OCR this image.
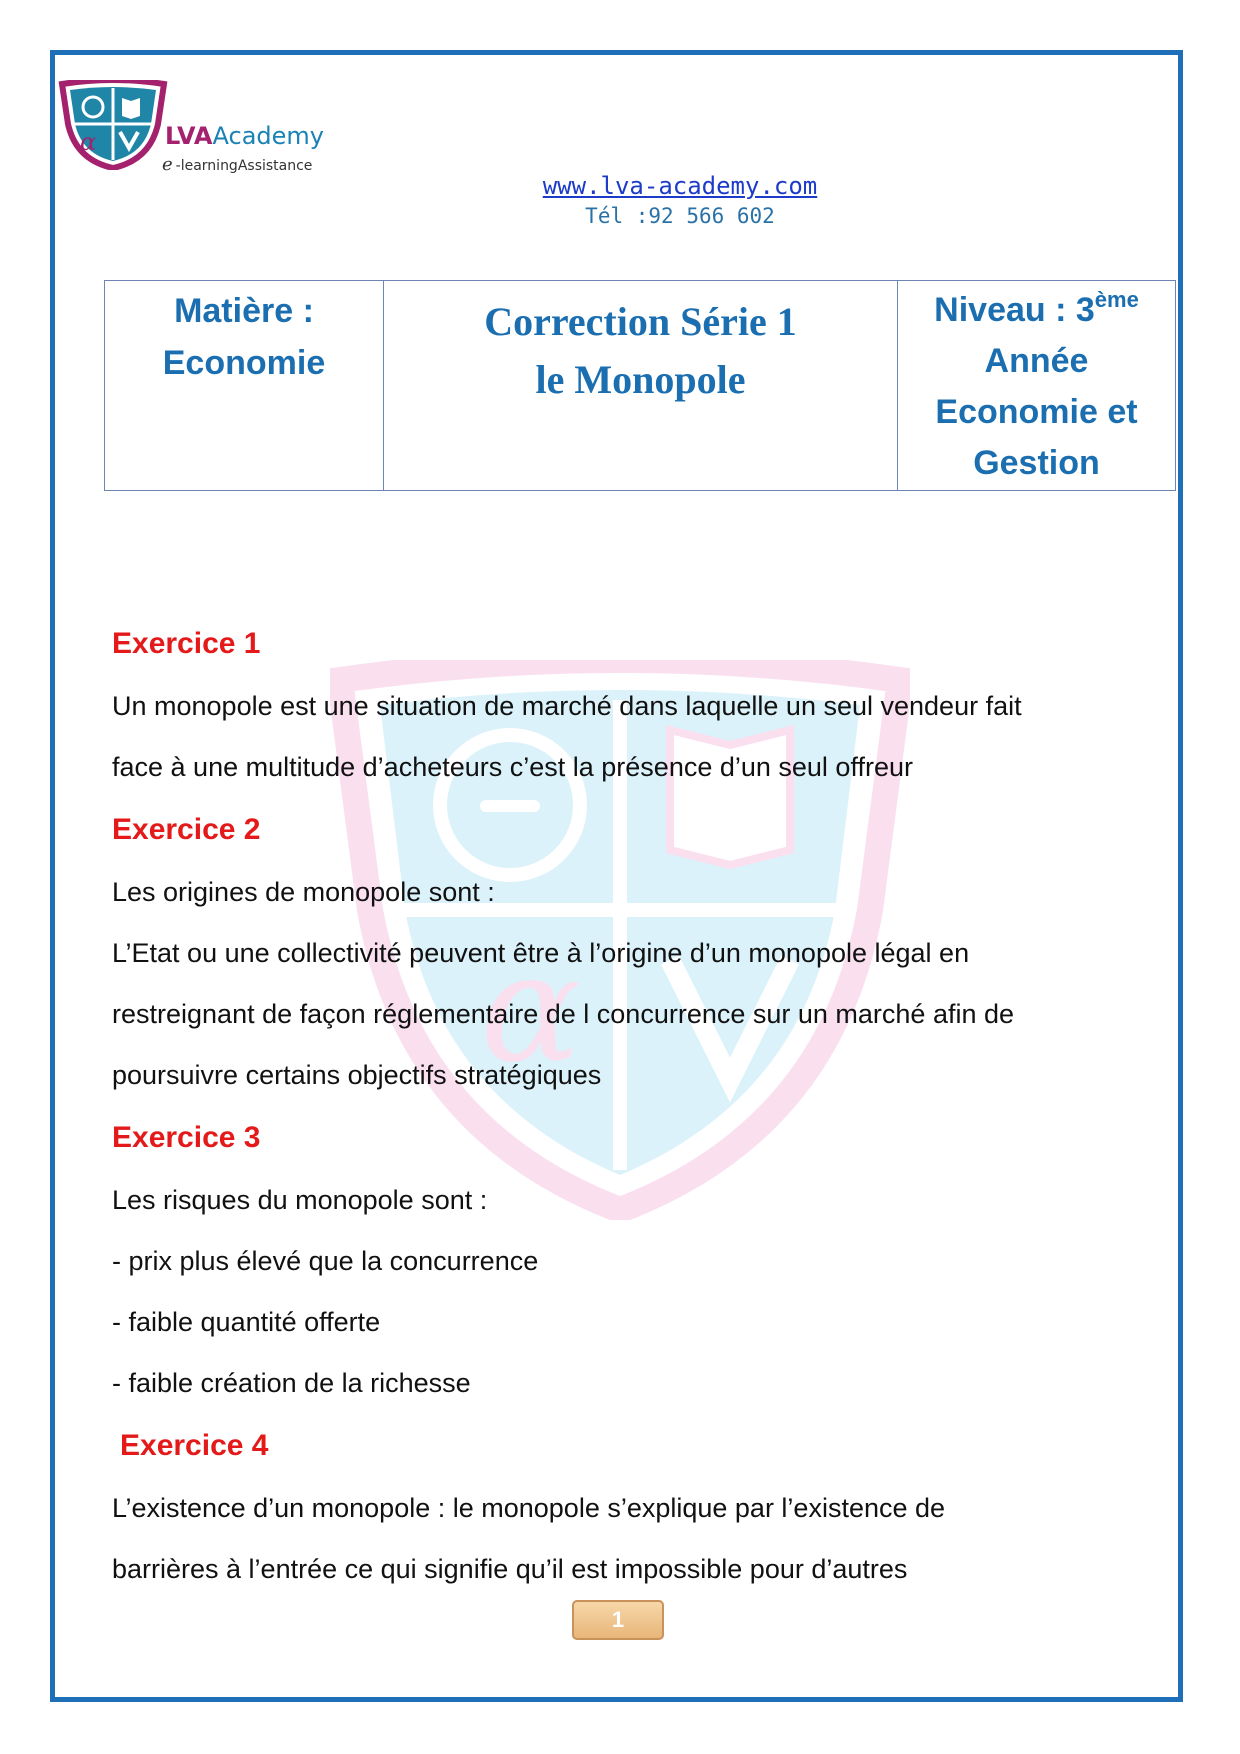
α
α	LVAAcademy
e -learningAssistance
www.lva-academy.com
Tél :92 566 602
Matière :
Economie

Correction Série 1
le Monopole

Niveau : 3ème
Année
Economie et
Gestion
Exercice 1

Un monopole est une situation de marché dans laquelle un seul vendeur fait

face à une multitude d’acheteurs c’est la présence d’un seul offreur

Exercice 2

Les origines de monopole sont :

L’Etat ou une collectivité peuvent être à l’origine d’un monopole légal en

restreignant de façon réglementaire de l concurrence sur un marché afin de

poursuivre certains objectifs stratégiques

Exercice 3

Les risques du monopole sont :

- prix plus élevé que la concurrence

- faible quantité offerte

- faible création de la richesse

Exercice 4

L’existence d’un monopole : le monopole s’explique par l’existence de

barrières à l’entrée ce qui signifie qu’il est impossible pour d’autres

1
